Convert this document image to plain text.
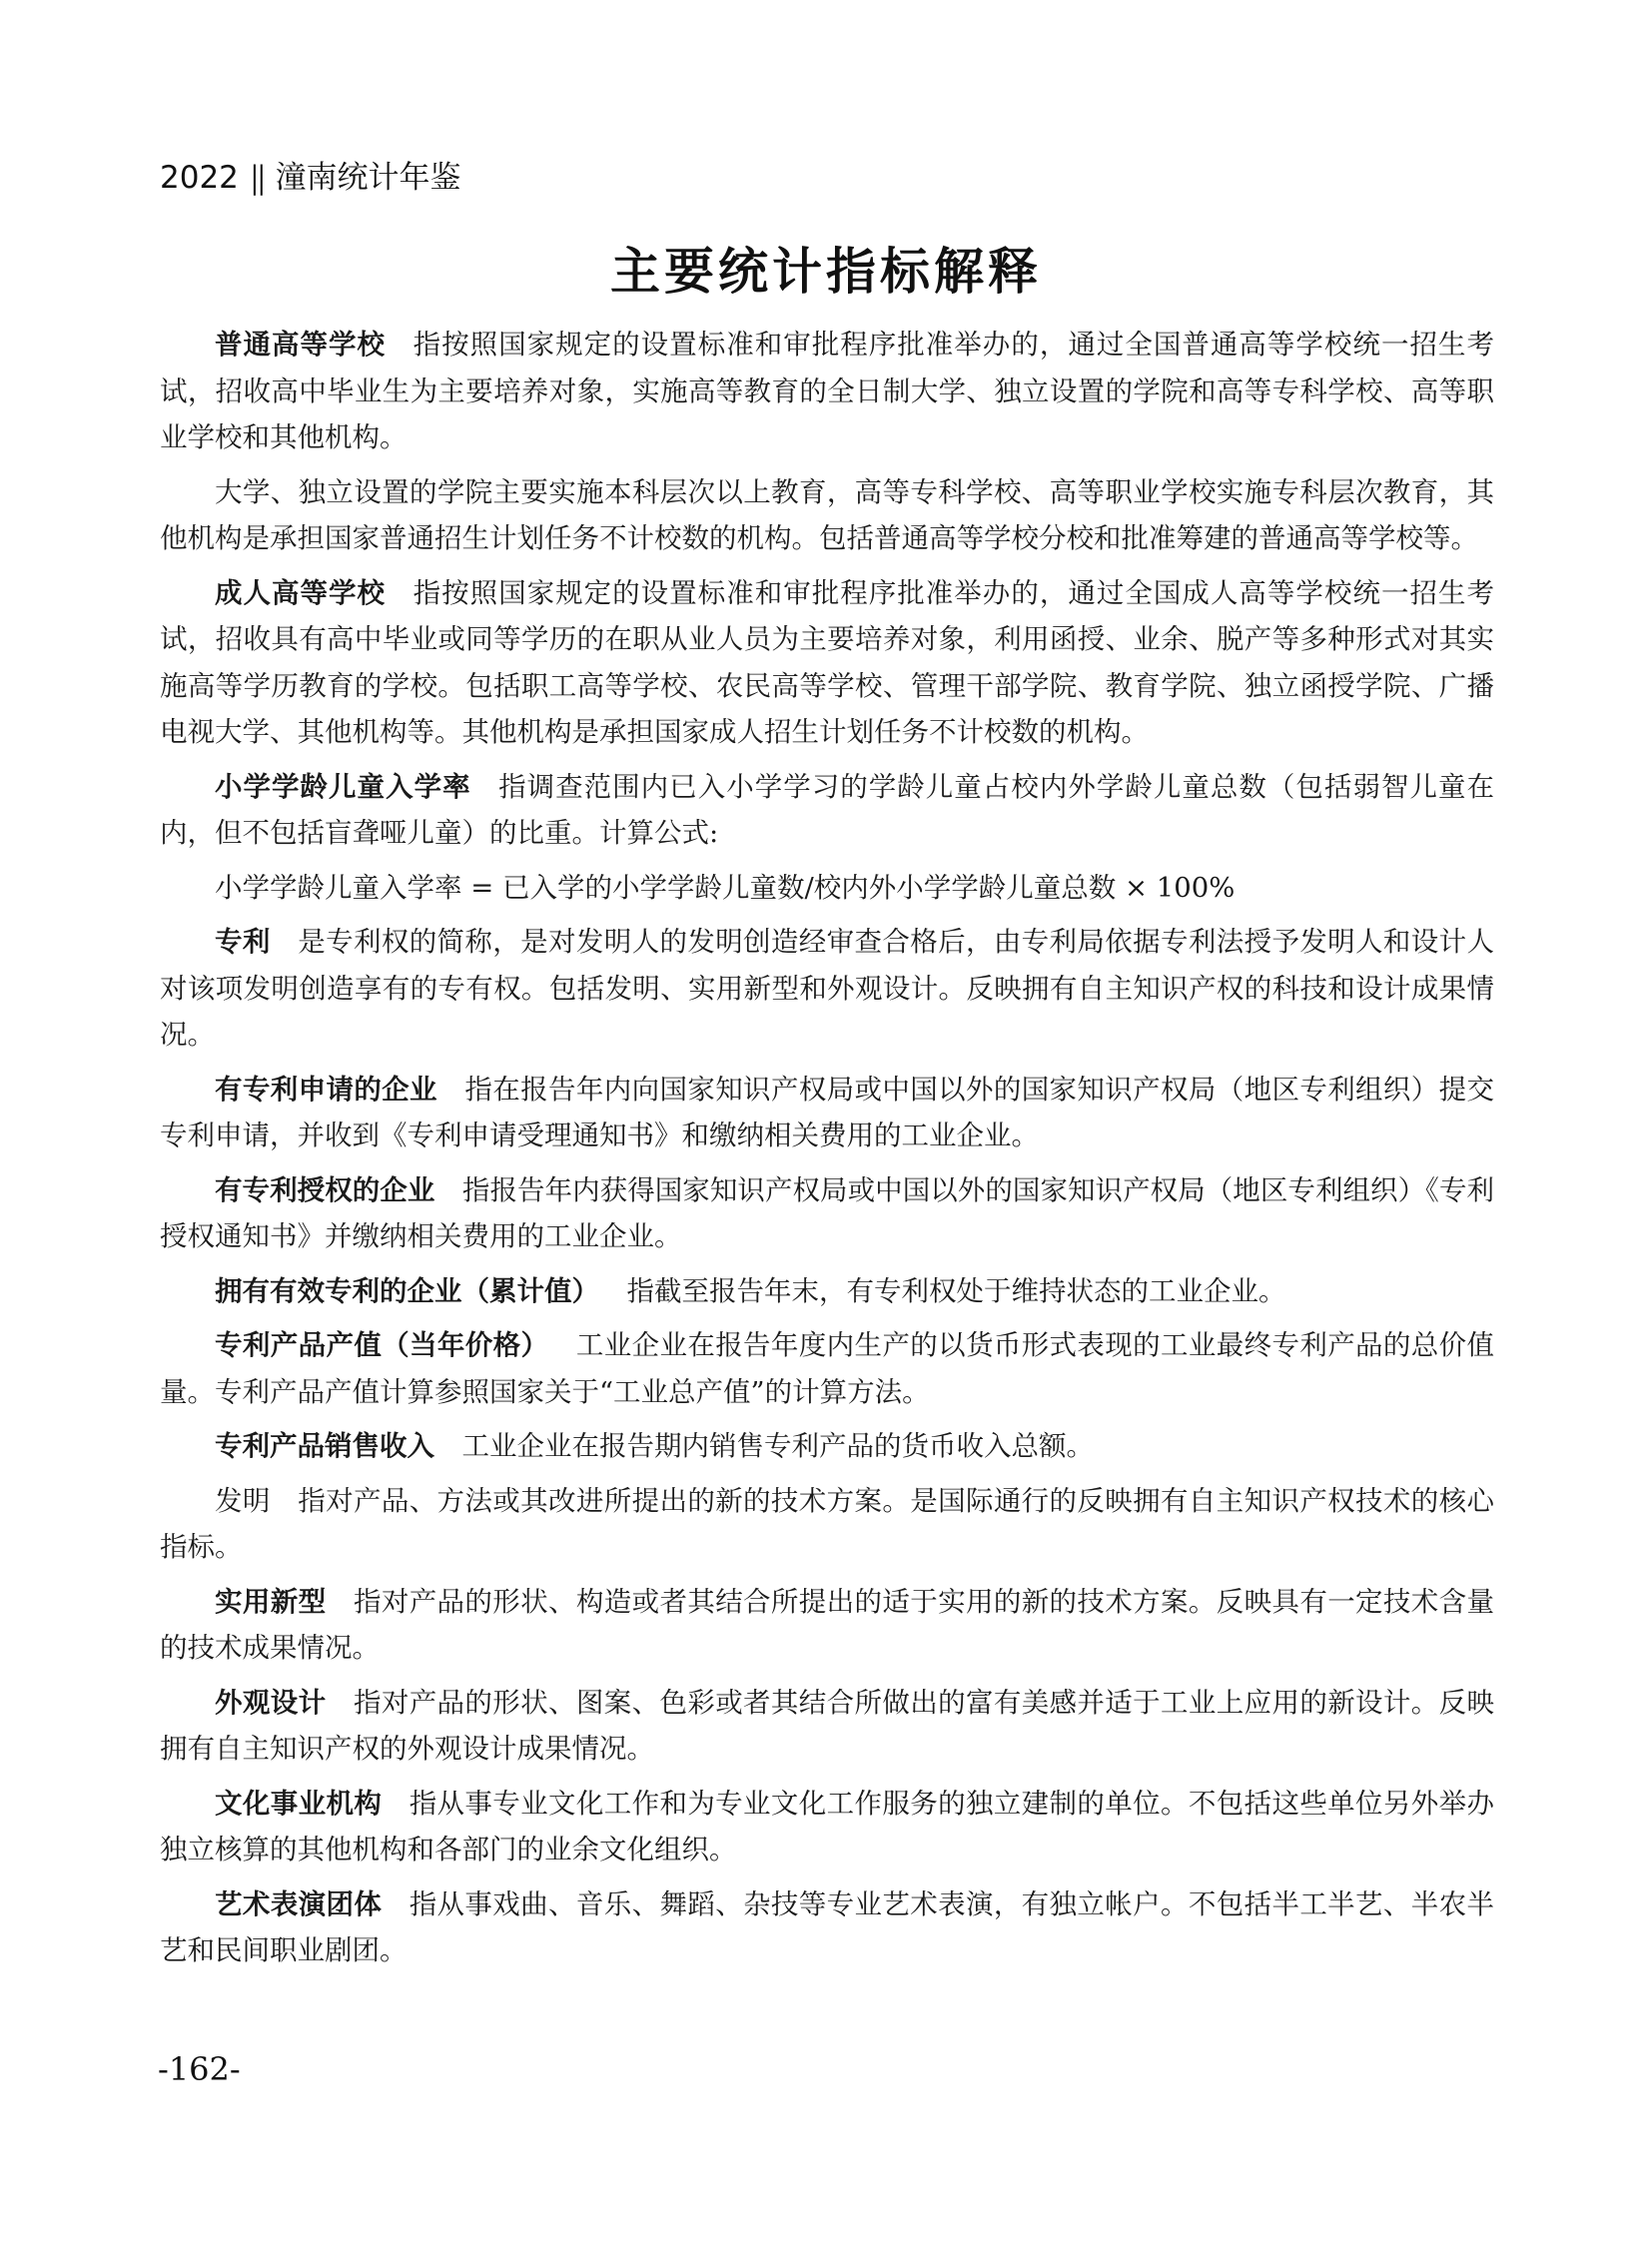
2022 || 潼南统计年鉴
主要统计指标解释

普通高等学校 指按照国家规定的设置标准和审批程序批准举办的，通过全国普通高等学校统一招生考试，招收高中毕业生为主要培养对象，实施高等教育的全日制大学、独立设置的学院和高等专科学校、高等职业学校和其他机构。

大学、独立设置的学院主要实施本科层次以上教育，高等专科学校、高等职业学校实施专科层次教育，其他机构是承担国家普通招生计划任务不计校数的机构。包括普通高等学校分校和批准筹建的普通高等学校等。

成人高等学校 指按照国家规定的设置标准和审批程序批准举办的，通过全国成人高等学校统一招生考试，招收具有高中毕业或同等学历的在职从业人员为主要培养对象，利用函授、业余、脱产等多种形式对其实施高等学历教育的学校。包括职工高等学校、农民高等学校、管理干部学院、教育学院、独立函授学院、广播电视大学、其他机构等。其他机构是承担国家成人招生计划任务不计校数的机构。

小学学龄儿童入学率 指调查范围内已入小学学习的学龄儿童占校内外学龄儿童总数（包括弱智儿童在内，但不包括盲聋哑儿童）的比重。计算公式:

小学学龄儿童入学率 = 已入学的小学学龄儿童数/校内外小学学龄儿童总数 × 100%

专利 是专利权的简称，是对发明人的发明创造经审查合格后，由专利局依据专利法授予发明人和设计人对该项发明创造享有的专有权。包括发明、实用新型和外观设计。反映拥有自主知识产权的科技和设计成果情况。

有专利申请的企业 指在报告年内向国家知识产权局或中国以外的国家知识产权局（地区专利组织）提交专利申请，并收到《专利申请受理通知书》和缴纳相关费用的工业企业。

有专利授权的企业 指报告年内获得国家知识产权局或中国以外的国家知识产权局（地区专利组织）《专利授权通知书》并缴纳相关费用的工业企业。

拥有有效专利的企业（累计值） 指截至报告年末，有专利权处于维持状态的工业企业。

专利产品产值（当年价格） 工业企业在报告年度内生产的以货币形式表现的工业最终专利产品的总价值量。专利产品产值计算参照国家关于“工业总产值”的计算方法。

专利产品销售收入 工业企业在报告期内销售专利产品的货币收入总额。

发明 指对产品、方法或其改进所提出的新的技术方案。是国际通行的反映拥有自主知识产权技术的核心指标。

实用新型 指对产品的形状、构造或者其结合所提出的适于实用的新的技术方案。反映具有一定技术含量的技术成果情况。

外观设计 指对产品的形状、图案、色彩或者其结合所做出的富有美感并适于工业上应用的新设计。反映拥有自主知识产权的外观设计成果情况。

文化事业机构 指从事专业文化工作和为专业文化工作服务的独立建制的单位。不包括这些单位另外举办独立核算的其他机构和各部门的业余文化组织。

艺术表演团体 指从事戏曲、音乐、舞蹈、杂技等专业艺术表演，有独立帐户。不包括半工半艺、半农半艺和民间职业剧团。

-162-
